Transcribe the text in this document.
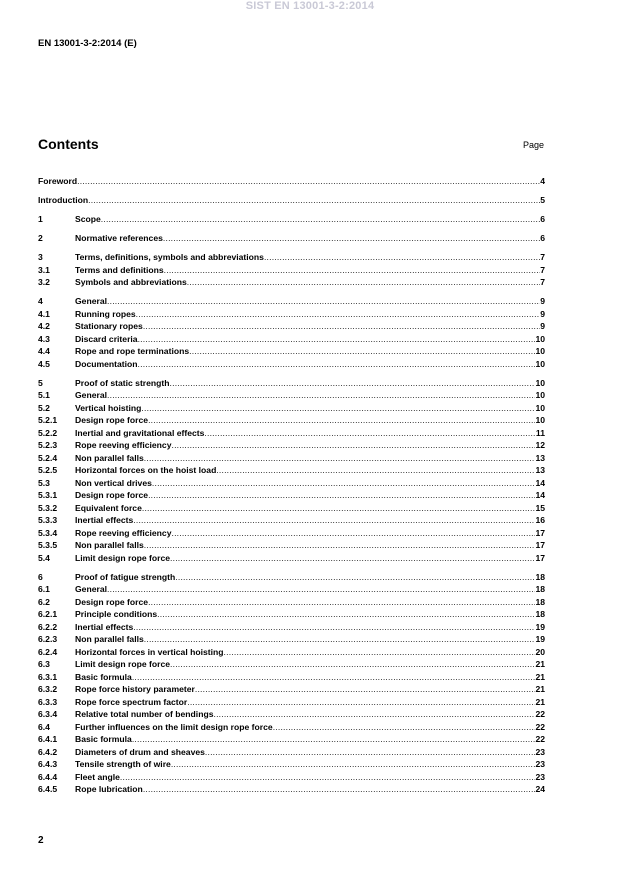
SIST EN 13001-3-2:2014
EN 13001-3-2:2014 (E)
Contents	Page
Foreword .....	4
Introduction .....	5
1	Scope .....	6
2	Normative references .....	6
3	Terms, definitions, symbols and abbreviations .....	7
3.1	Terms and definitions .....	7
3.2	Symbols and abbreviations .....	7
4	General .....	9
4.1	Running ropes .....	9
4.2	Stationary ropes .....	9
4.3	Discard criteria .....	10
4.4	Rope and rope terminations .....	10
4.5	Documentation .....	10
5	Proof of static strength .....	10
5.1	General .....	10
5.2	Vertical hoisting .....	10
5.2.1	Design rope force .....	10
5.2.2	Inertial and gravitational effects .....	11
5.2.3	Rope reeving efficiency .....	12
5.2.4	Non parallel falls .....	13
5.2.5	Horizontal forces on the hoist load .....	13
5.3	Non vertical drives .....	14
5.3.1	Design rope force .....	14
5.3.2	Equivalent force .....	15
5.3.3	Inertial effects .....	16
5.3.4	Rope reeving efficiency .....	17
5.3.5	Non parallel falls .....	17
5.4	Limit design rope force .....	17
6	Proof of fatigue strength .....	18
6.1	General .....	18
6.2	Design rope force .....	18
6.2.1	Principle conditions .....	18
6.2.2	Inertial effects .....	19
6.2.3	Non parallel falls .....	19
6.2.4	Horizontal forces in vertical hoisting .....	20
6.3	Limit design rope force .....	21
6.3.1	Basic formula .....	21
6.3.2	Rope force history parameter .....	21
6.3.3	Rope force spectrum factor .....	21
6.3.4	Relative total number of bendings .....	22
6.4	Further influences on the limit design rope force .....	22
6.4.1	Basic formula .....	22
6.4.2	Diameters of drum and sheaves .....	23
6.4.3	Tensile strength of wire .....	23
6.4.4	Fleet angle .....	23
6.4.5	Rope lubrication .....	24
2
